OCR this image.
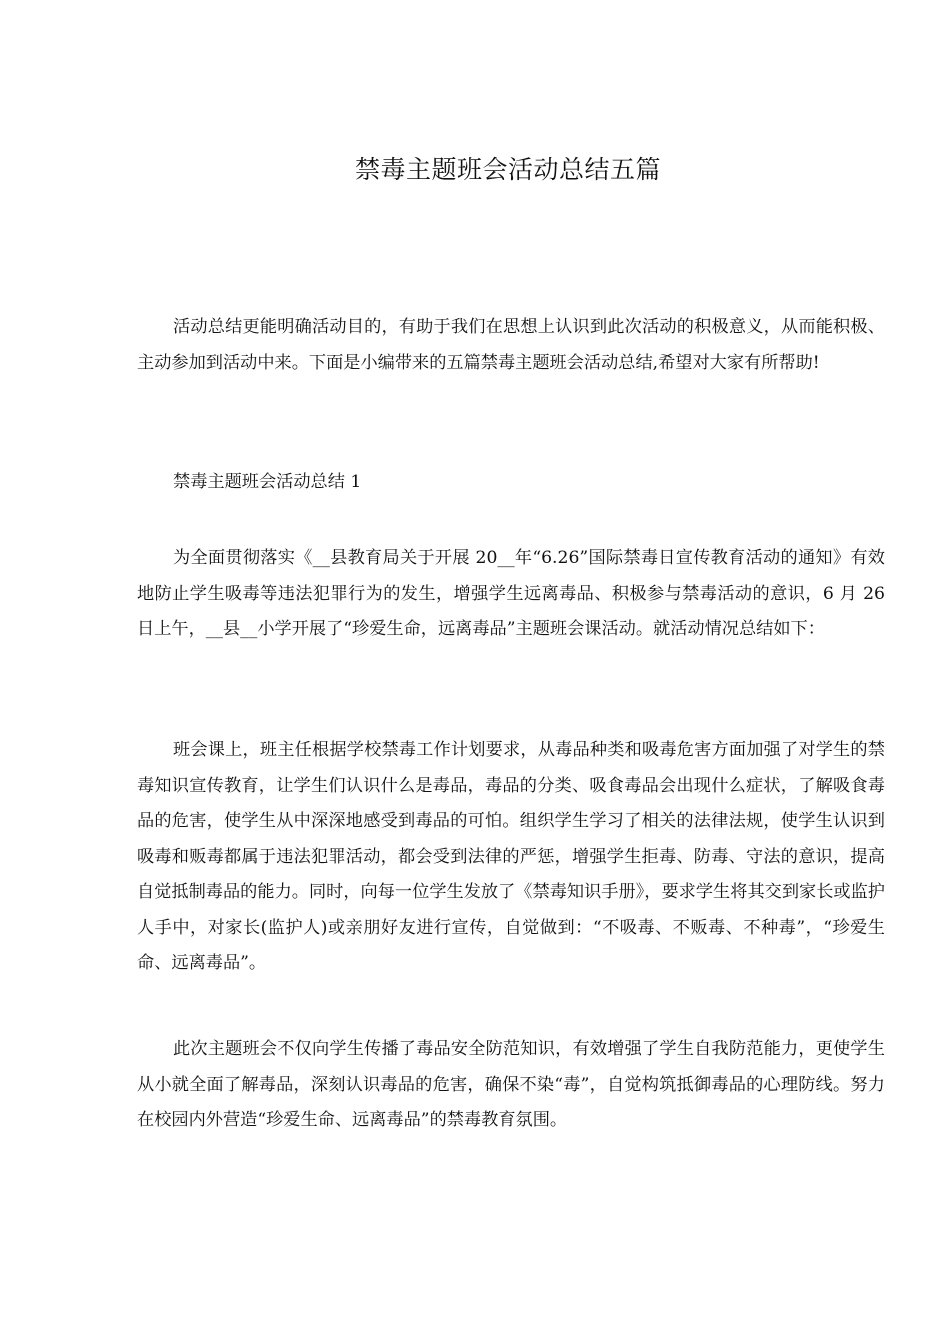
禁毒主题班会活动总结五篇

活动总结更能明确活动目的，有助于我们在思想上认识到此次活动的积极意义，从而能积极、主动参加到活动中来。下面是小编带来的五篇禁毒主题班会活动总结,希望对大家有所帮助!

禁毒主题班会活动总结 1

为全面贯彻落实《__县教育局关于开展 20__年“6.26”国际禁毒日宣传教育活动的通知》有效地防止学生吸毒等违法犯罪行为的发生，增强学生远离毒品、积极参与禁毒活动的意识，6 月 26 日上午，__县__小学开展了“珍爱生命，远离毒品”主题班会课活动。就活动情况总结如下：

班会课上，班主任根据学校禁毒工作计划要求，从毒品种类和吸毒危害方面加强了对学生的禁毒知识宣传教育，让学生们认识什么是毒品，毒品的分类、吸食毒品会出现什么症状，了解吸食毒品的危害，使学生从中深深地感受到毒品的可怕。组织学生学习了相关的法律法规，使学生认识到吸毒和贩毒都属于违法犯罪活动，都会受到法律的严惩，增强学生拒毒、防毒、守法的意识，提高自觉抵制毒品的能力。同时，向每一位学生发放了《禁毒知识手册》，要求学生将其交到家长或监护人手中，对家长(监护人)或亲朋好友进行宣传，自觉做到：“不吸毒、不贩毒、不种毒”，“珍爱生命、远离毒品”。

此次主题班会不仅向学生传播了毒品安全防范知识，有效增强了学生自我防范能力，更使学生从小就全面了解毒品，深刻认识毒品的危害，确保不染“毒”，自觉构筑抵御毒品的心理防线。努力在校园内外营造“珍爱生命、远离毒品”的禁毒教育氛围。
